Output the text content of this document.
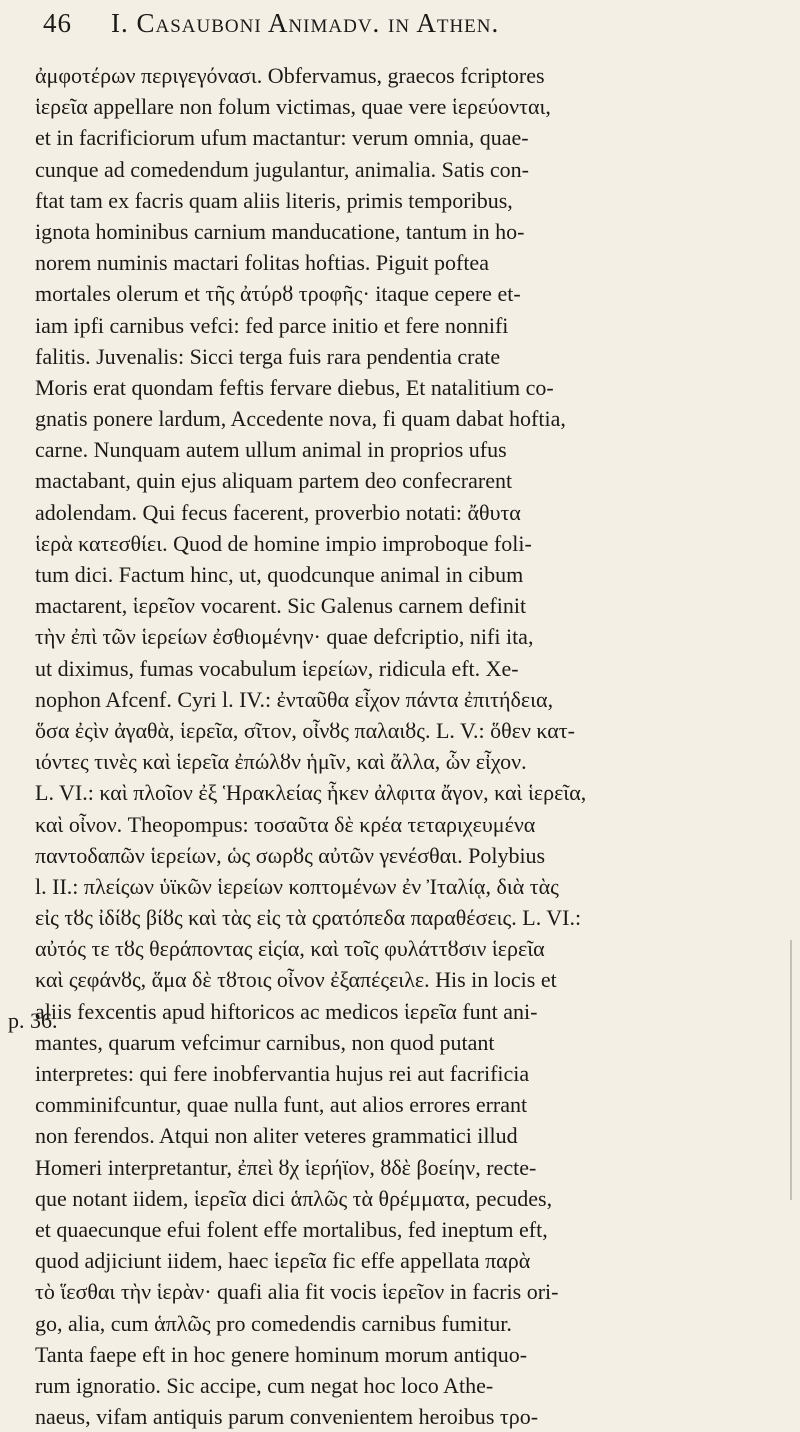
46 I. Casauboni Animadv. in Athen.
p. 36.
ἀμφοτέρων περιγεγόνασι. Obfervamus, graecos fcriptores
ἱερεῖα appellare non folum victimas, quae vere ἱερεύονται,
et in facrificiorum ufum mactantur: verum omnia, quae-
cunque ad comedendum jugulantur, animalia. Satis con-
ftat tam ex facris quam aliis literis, primis temporibus,
ignota hominibus carnium manducatione, tantum in ho-
norem numinis mactari folitas hoftias. Piguit poftea
mortales olerum et τῆς ἀτύρȣ τροφῆς· itaque cepere et-
iam ipfi carnibus vefci: fed parce initio et fere nonnifi
falitis. Juvenalis: Sicci terga fuis rara pendentia crate
Moris erat quondam feftis fervare diebus, Et natalitium co-
gnatis ponere lardum, Accedente nova, fi quam dabat hoftia,
carne. Nunquam autem ullum animal in proprios ufus
mactabant, quin ejus aliquam partem deo confecrarent
adolendam. Qui fecus facerent, proverbio notati: ἄθυτα
ἱερὰ κατεσθίει. Quod de homine impio improboque foli-
tum dici. Factum hinc, ut, quodcunque animal in cibum
mactarent, ἱερεῖον vocarent. Sic Galenus carnem definit
τὴν ἐπὶ τῶν ἱερείων ἐσθιομένην· quae defcriptio, nifi ita,
ut diximus, fumas vocabulum ἱερείων, ridicula eft. Xe-
nophon Afcenf. Cyri l. IV.: ἐνταῦθα εἶχον πάντα ἐπιτήδεια,
ὅσα ἐςὶν ἀγαθὰ, ἱερεῖα, σῖτον, οἶνȣς παλαιȣς. L. V.: ὅθεν κατ-
ιόντες τινὲς καὶ ἱερεῖα ἐπώλȣν ἡμῖν, καὶ ἄλλα, ὧν εἶχον.
L. VI.: καὶ πλοῖον ἐξ Ἡρακλείας ἧκεν ἀλφιτα ἄγον, καὶ ἱερεῖα,
καὶ οἶνον. Theopompus: τοσαῦτα δὲ κρέα τεταριχευμένα
παντοδαπῶν ἱερείων, ὡς σωρȣς αὐτῶν γενέσθαι. Polybius
l. II.: πλείςων ὑϊκῶν ἱερείων κοπτομένων ἐν Ἰταλίᾳ, διὰ τὰς
εἰς τȣς ἰδίȣς βίȣς καὶ τὰς εἰς τὰ ςρατόπεδα παραθέσεις. L. VI.:
αὐτός τε τȣς θεράποντας εἱςία, καὶ τοῖς φυλάττȣσιν ἱερεῖα
καὶ ςεφάνȣς, ἅμα δὲ τȣτοις οἶνον ἐξαπέςειλε. His in locis et
aliis fexcentis apud hiftoricos ac medicos ἱερεῖα funt ani-
mantes, quarum vefcimur carnibus, non quod putant
interpretes: qui fere inobfervantia hujus rei aut facrificia
comminifcuntur, quae nulla funt, aut alios errores errant
non ferendos. Atqui non aliter veteres grammatici illud
Homeri interpretantur, ἐπεὶ ȣχ ἱερήϊον, ȣδὲ βοείην, recte-
que notant iidem, ἱερεῖα dici ἁπλῶς τὰ θρέμματα, pecudes,
et quaecunque efui folent effe mortalibus, fed ineptum eft,
quod adjiciunt iidem, haec ἱερεῖα fic effe appellata παρὰ
τὸ ἵεσθαι τὴν ἱερὰν· quafi alia fit vocis ἱερεῖον in facris ori-
go, alia, cum ἁπλῶς pro comedendis carnibus fumitur.
Tanta faepe eft in hoc genere hominum morum antiquo-
rum ignoratio. Sic accipe, cum negat hoc loco Athe-
naeus, vifam antiquis parum convenientem heroibus τρο-
